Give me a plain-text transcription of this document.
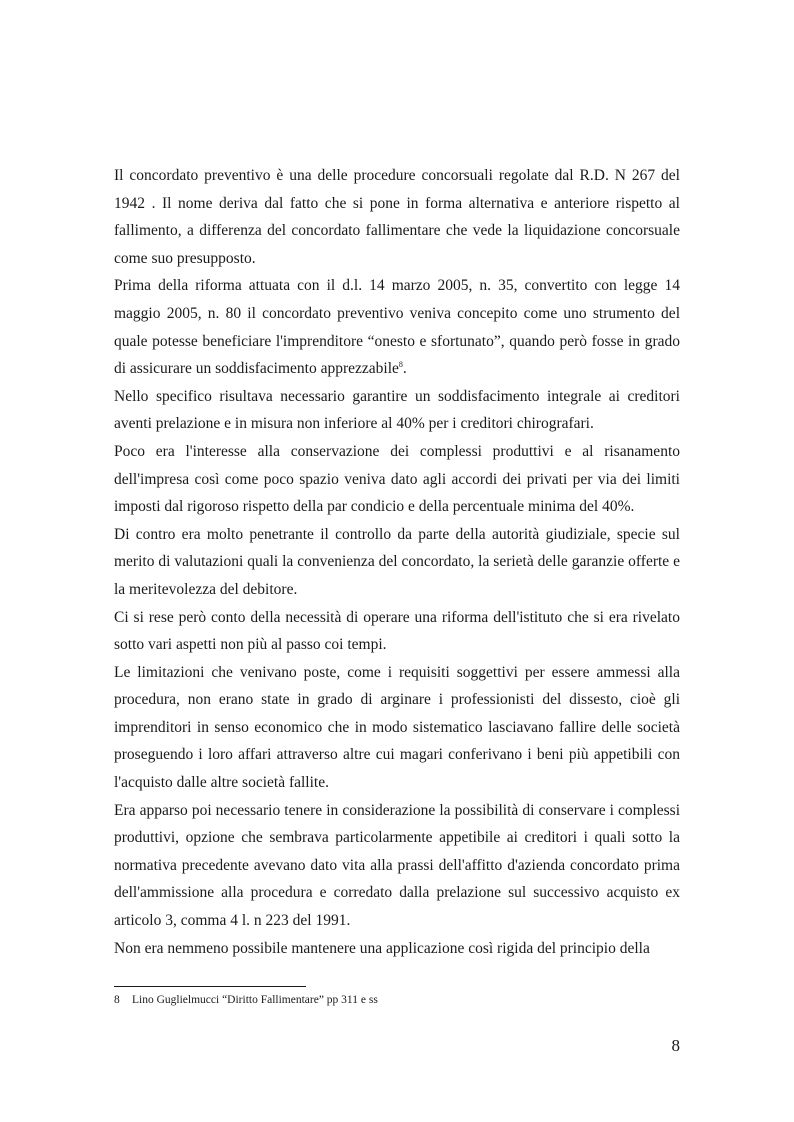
Il concordato preventivo è una delle procedure concorsuali regolate dal R.D. N 267 del 1942 . Il nome deriva dal fatto che si pone in forma alternativa e anteriore rispetto al fallimento, a differenza del concordato fallimentare che vede la liquidazione concorsuale come suo presupposto.

Prima della riforma attuata con il d.l. 14 marzo 2005, n. 35, convertito con legge 14 maggio 2005, n. 80 il concordato preventivo veniva concepito come uno strumento del quale potesse beneficiare l'imprenditore “onesto e sfortunato”, quando però fosse in grado di assicurare un soddisfacimento apprezzabile$^8$.

Nello specifico risultava necessario garantire un soddisfacimento integrale ai creditori aventi prelazione e in misura non inferiore al 40% per i creditori chirografari.

Poco era l'interesse alla conservazione dei complessi produttivi e al risanamento dell'impresa così come poco spazio veniva dato agli accordi dei privati per via dei limiti imposti dal rigoroso rispetto della par condicio e della percentuale minima del 40%.

Di contro era molto penetrante il controllo da parte della autorità giudiziale, specie sul merito di valutazioni quali la convenienza del concordato, la serietà delle garanzie offerte e la meritevolezza del debitore.

Ci si rese però conto della necessità di operare una riforma dell'istituto che si era rivelato sotto vari aspetti non più al passo coi tempi.

Le limitazioni che venivano poste, come i requisiti soggettivi per essere ammessi alla procedura, non erano state in grado di arginare i professionisti del dissesto, cioè gli imprenditori in senso economico che in modo sistematico lasciavano fallire delle società proseguendo i loro affari attraverso altre cui magari conferivano i beni più appetibili con l'acquisto dalle altre società fallite.

Era apparso poi necessario tenere in considerazione la possibilità di conservare i complessi produttivi, opzione che sembrava particolarmente appetibile ai creditori i quali sotto la normativa precedente avevano dato vita alla prassi dell'affitto d'azienda concordato prima dell'ammissione alla procedura e corredato dalla prelazione sul successivo acquisto ex articolo 3, comma 4 l. n 223 del 1991.

Non era nemmeno possibile mantenere una applicazione così rigida del principio della

8 Lino Guglielmucci “Diritto Fallimentare” pp 311 e ss
8
